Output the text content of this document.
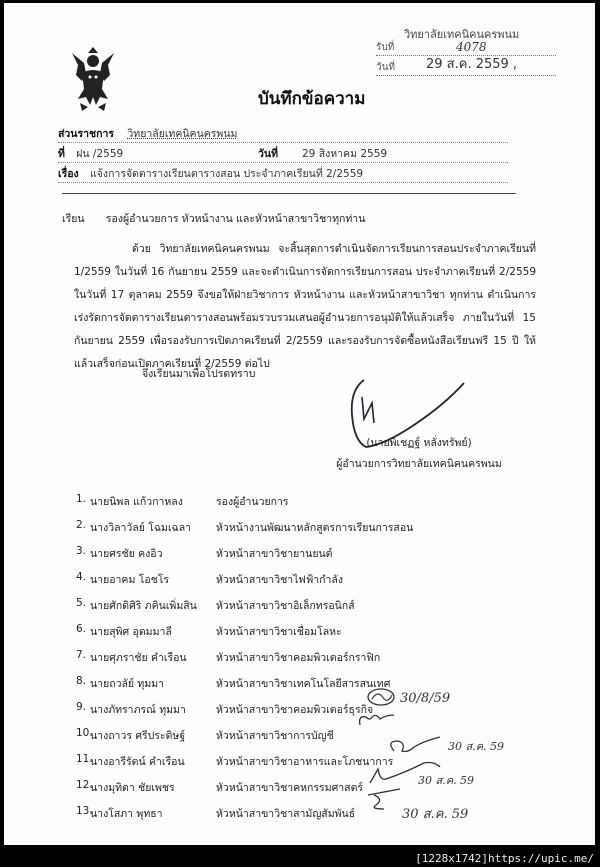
วิทยาลัยเทคนิคนครพนม
รับที่	4078
วันที่ 29 ส.ค. 2559 ,
บันทึกข้อความ
ส่วนราชการ วิทยาลัยเทคนิคนครพนม
ที่ ฝน /2559	วันที่ 29 สิงหาคม 2559
เรื่อง แจ้งการจัดตารางเรียนตารางสอน ประจำภาคเรียนที่ 2/2559
เรียน รองผู้อำนวยการ หัวหน้างาน และหัวหน้าสาขาวิชาทุกท่าน
ด้วย วิทยาลัยเทคนิคนครพนม จะสิ้นสุดการดำเนินจัดการเรียนการสอนประจำภาคเรียนที่ 1/2559 ในวันที่ 16 กันยายน 2559 และจะดำเนินการจัดการเรียนการสอน ประจำภาคเรียนที่ 2/2559 ในวันที่ 17 ตุลาคม 2559 จึงขอให้ฝ่ายวิชาการ หัวหน้างาน และหัวหน้าสาขาวิชา ทุกท่าน ดำเนินการเร่งรัดการจัดตารางเรียนตารางสอนพร้อมรวบรวมเสนอผู้อำนวยการอนุมัติให้แล้วเสร็จ ภายในวันที่ 15 กันยายน 2559 เพื่อรองรับการเปิดภาคเรียนที่ 2/2559 และรองรับการจัดซื้อหนังสือเรียนฟรี 15 ปี ให้แล้วเสร็จก่อนเปิดภาคเรียนที่ 2/2559 ต่อไป
จึงเรียนมาเพื่อโปรดทราบ
(นายพิเชฏฐ์ หลั่งทรัพย์)
ผู้อำนวยการวิทยาลัยเทคนิคนครพนม
1. นายนิพล แก้วกาหลง	รองผู้อำนวยการ
2. นางวิลาวัลย์ โฉมเฉลา หัวหน้างานพัฒนาหลักสูตรการเรียนการสอน
3. นายศรชัย คงอิว	หัวหน้าสาขาวิชายานยนต์
4. นายอาคม โอชโร	หัวหน้าสาขาวิชาไฟฟ้ากำลัง
5. นายศักดิศิริ ภคินเพิ่มสิน หัวหน้าสาขาวิชาอิเล็กทรอนิกส์
6. นายสุพิศ อุดมมาลี	หัวหน้าสาขาวิชาเชื่อมโลหะ
7. นายศุภราชัย คำเรือน	หัวหน้าสาขาวิชาคอมพิวเตอร์กราฟิก
8. นายถวลัย์ ทุมมา	หัวหน้าสาขาวิชาเทคโนโลยีสารสนเทศ
9. นางภัทราภรณ์ ทุมมา	หัวหน้าสาขาวิชาคอมพิวเตอร์ธุรกิจ
10.
นางถาวร ศรีประดิษฐ์	หัวหน้าสาขาวิชาการบัญชี
11.
นางอารีรัตน์ คำเรือน	หัวหน้าสาขาวิชาอาหารและโภชนาการ
12.
นางมุทิตา ชัยเพชร	หัวหน้าสาขาวิชาคหกรรมศาสตร์
13.
นางโสภา พุทธา	หัวหน้าสาขาวิชาสามัญสัมพันธ์
30/8/59
30 ส.ค. 59
30 ส.ค. 59
30 ส.ค. 59
[1228x1742]https://upic.me/
